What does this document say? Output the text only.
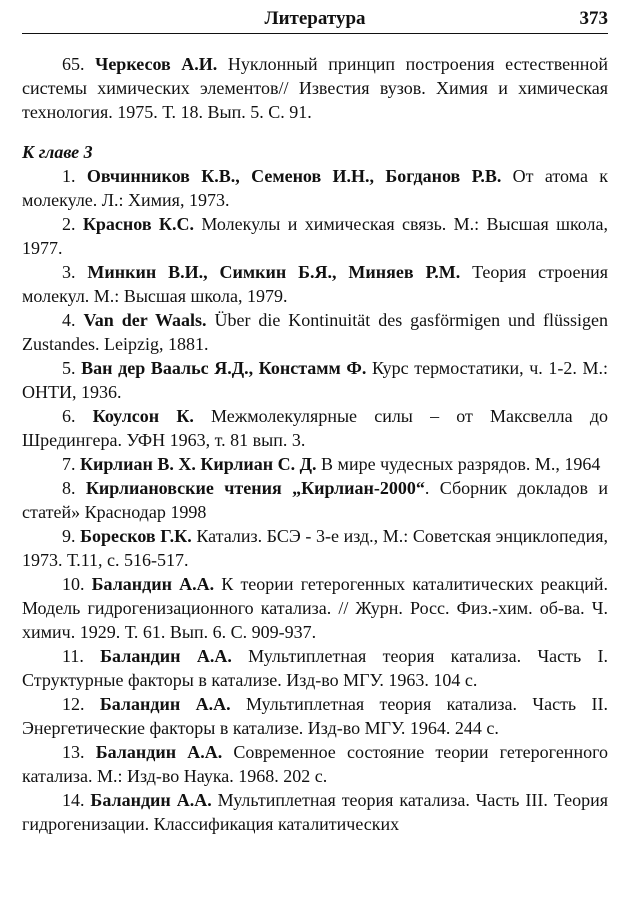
Литература	373

65. Черкесов А.И. Нуклонный принцип построения естественной системы химических элементов// Известия вузов. Химия и химическая технология. 1975. Т. 18. Вып. 5. С. 91.

К главе 3

1. Овчинников К.В., Семенов И.Н., Богданов Р.В. От атома к молекуле. Л.: Химия, 1973.

2. Краснов К.С. Молекулы и химическая связь. М.: Высшая школа, 1977.

3. Минкин В.И., Симкин Б.Я., Миняев Р.М. Теория строения молекул. М.: Высшая школа, 1979.

4. Van der Waals. Über die Kontinuität des gasförmigen und flüssigen Zustandes. Leipzig, 1881.

5. Ван дер Ваальс Я.Д., Констамм Ф. Курс термостатики, ч. 1-2. М.: ОНТИ, 1936.

6. Коулсон К. Межмолекулярные силы – от Максвелла до Шредингера. УФН 1963, т. 81 вып. 3.

7. Кирлиан В. Х. Кирлиан С. Д. В мире чудесных разрядов. М., 1964

8. Кирлиановские чтения „Кирлиан-2000“. Сборник докладов и статей» Краснодар 1998

9. Боресков Г.К. Катализ. БСЭ - 3-е изд., М.: Советская энциклопедия, 1973. Т.11, с. 516-517.

10. Баландин А.А. К теории гетерогенных каталитических реакций. Модель гидрогенизационного катализа. // Журн. Росс. Физ.-хим. об-ва. Ч. химич. 1929. Т. 61. Вып. 6. С. 909-937.

11. Баландин А.А. Мультиплетная теория катализа. Часть I. Структурные факторы в катализе. Изд-во МГУ. 1963. 104 с.

12. Баландин А.А. Мультиплетная теория катализа. Часть II. Энергетические факторы в катализе. Изд-во МГУ. 1964. 244 с.

13. Баландин А.А. Современное состояние теории гетерогенного катализа. М.: Изд-во Наука. 1968. 202 с.

14. Баландин А.А. Мультиплетная теория катализа. Часть III. Теория гидрогенизации. Классификация каталитических
